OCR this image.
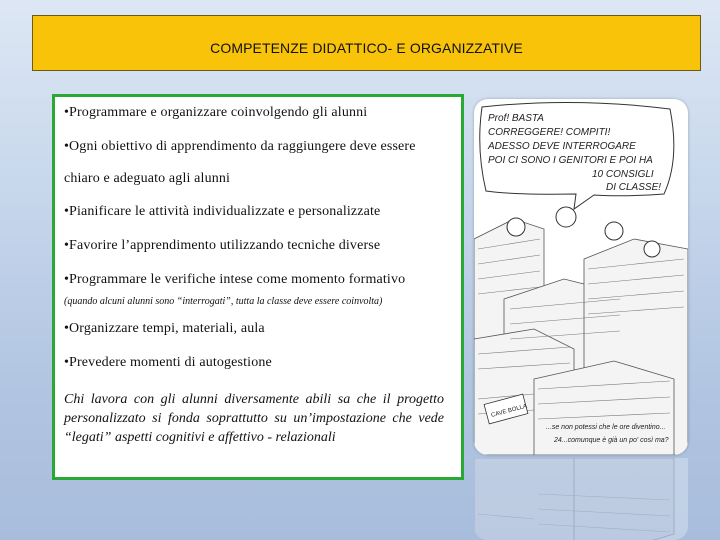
COMPETENZE DIDATTICO- E ORGANIZZATIVE

•Programmare e organizzare coinvolgendo gli alunni

•Ogni obiettivo di apprendimento da raggiungere deve essere

chiaro e adeguato agli alunni

•Pianificare le attività individualizzate e personalizzate

•Favorire l’apprendimento utilizzando tecniche diverse

•Programmare le verifiche intese come momento formativo

(quando alcuni alunni sono “interrogati”, tutta la classe deve essere coinvolta)

•Organizzare tempi, materiali, aula

•Prevedere momenti di autogestione

Chi lavora con gli alunni diversamente abili sa che il progetto personalizzato si fonda soprattutto su un’impostazione che vede “legati” aspetti cognitivi e affettivo - relazionali

Prof! BASTA
CORREGGERE! COMPITI!
ADESSO DEVE INTERROGARE
POI CI SONO I GENITORI E POI HA
10 CONSIGLI
DI CLASSE!
CAVE BOLLA
...se non potessi che le ore diventino...
24...comunque è già un po' così ma?
